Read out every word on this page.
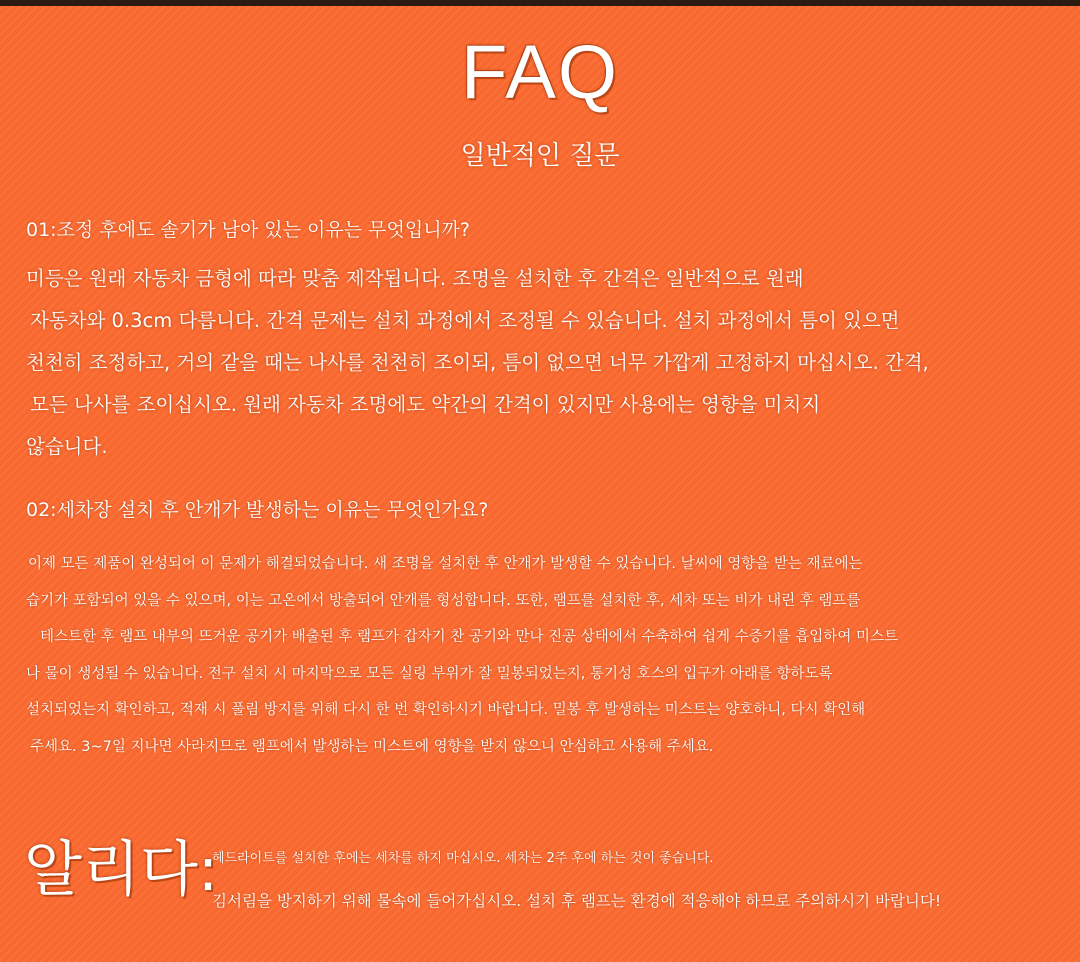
FAQ
일반적인 질문
01:조정 후에도 솔기가 남아 있는 이유는 무엇입니까?
미등은 원래 자동차 금형에 따라 맞춤 제작됩니다. 조명을 설치한 후 간격은 일반적으로 원래
자동차와 0.3cm 다릅니다. 간격 문제는 설치 과정에서 조정될 수 있습니다. 설치 과정에서 틈이 있으면
천천히 조정하고, 거의 같을 때는 나사를 천천히 조이되, 틈이 없으면 너무 가깝게 고정하지 마십시오. 간격,
모든 나사를 조이십시오. 원래 자동차 조명에도 약간의 간격이 있지만 사용에는 영향을 미치지
않습니다.
02:세차장 설치 후 안개가 발생하는 이유는 무엇인가요?
이제 모든 제품이 완성되어 이 문제가 해결되었습니다. 새 조명을 설치한 후 안개가 발생할 수 있습니다. 날씨에 영향을 받는 재료에는
습기가 포함되어 있을 수 있으며, 이는 고온에서 방출되어 안개를 형성합니다. 또한, 램프를 설치한 후, 세차 또는 비가 내린 후 램프를
테스트한 후 램프 내부의 뜨거운 공기가 배출된 후 램프가 갑자기 찬 공기와 만나 진공 상태에서 수축하여 쉽게 수증기를 흡입하여 미스트
나 물이 생성될 수 있습니다. 전구 설치 시 마지막으로 모든 실링 부위가 잘 밀봉되었는지, 통기성 호스의 입구가 아래를 향하도록
설치되었는지 확인하고, 적재 시 풀림 방지를 위해 다시 한 번 확인하시기 바랍니다. 밀봉 후 발생하는 미스트는 양호하니, 다시 확인해
주세요. 3~7일 지나면 사라지므로 램프에서 발생하는 미스트에 영향을 받지 않으니 안심하고 사용해 주세요.
알리다:
헤드라이트를 설치한 후에는 세차를 하지 마십시오. 세차는 2주 후에 하는 것이 좋습니다.
김서림을 방지하기 위해 물속에 들어가십시오. 설치 후 램프는 환경에 적응해야 하므로 주의하시기 바랍니다!
